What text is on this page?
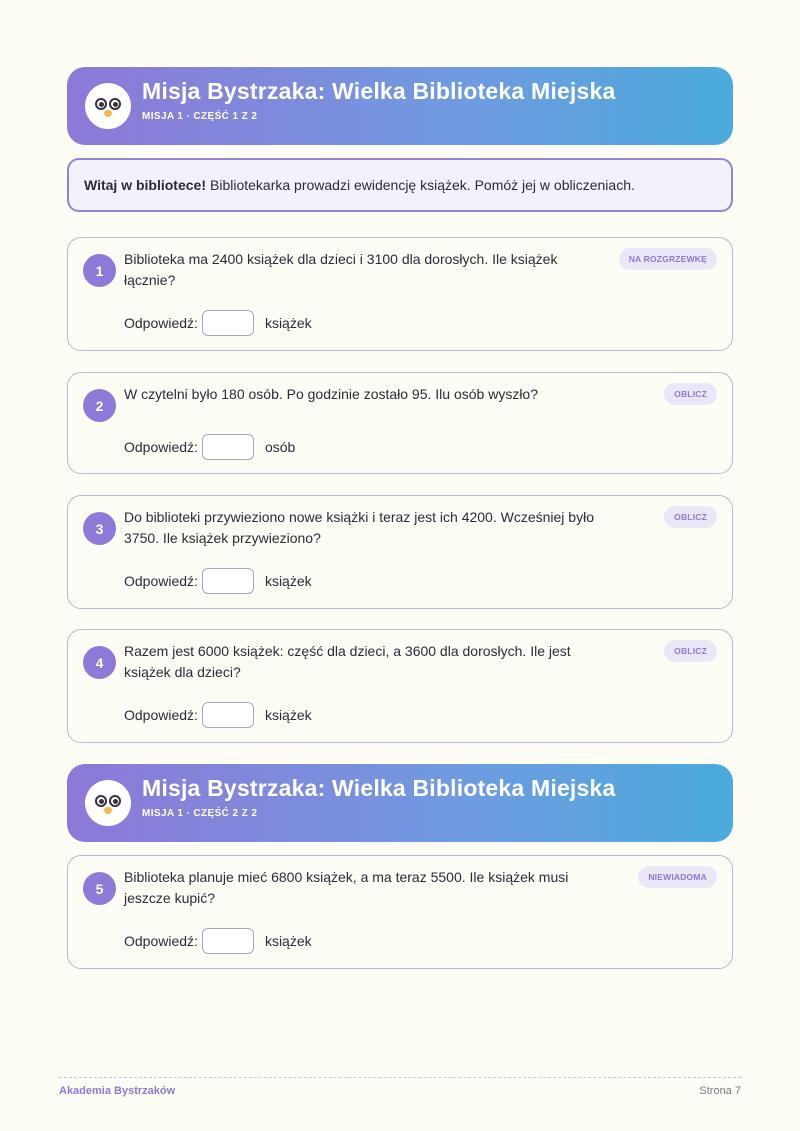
Misja Bystrzaka: Wielka Biblioteka Miejska
MISJA 1 · CZĘŚĆ 1 Z 2
Witaj w bibliotece! Bibliotekarka prowadzi ewidencję książek. Pomóż jej w obliczeniach.
1
Biblioteka ma 2400 książek dla dzieci i 3100 dla dorosłych. Ile książek łącznie?
NA ROZGRZEWKĘ
Odpowiedź:	książek
2
W czytelni było 180 osób. Po godzinie zostało 95. Ilu osób wyszło?	OBLICZ
Odpowiedź:	osób
3
Do biblioteki przywieziono nowe książki i teraz jest ich 4200. Wcześniej było 3750. Ile książek przywieziono?
OBLICZ
Odpowiedź:	książek
4
Razem jest 6000 książek: część dla dzieci, a 3600 dla dorosłych. Ile jest książek dla dzieci?
OBLICZ
Odpowiedź:	książek
Misja Bystrzaka: Wielka Biblioteka Miejska
MISJA 1 · CZĘŚĆ 2 Z 2
5
Biblioteka planuje mieć 6800 książek, a ma teraz 5500. Ile książek musi jeszcze kupić?
NIEWIADOMA
Odpowiedź:	książek
Akademia Bystrzaków	Strona 7
